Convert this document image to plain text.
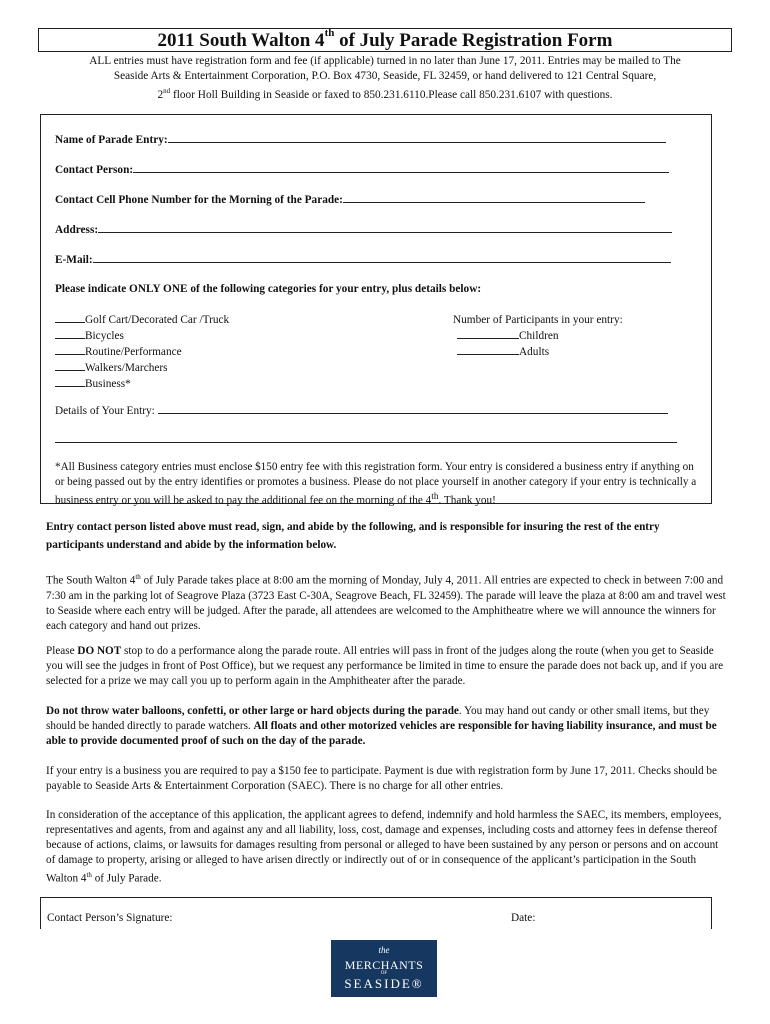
2011 South Walton 4th of July Parade Registration Form
ALL entries must have registration form and fee (if applicable) turned in no later than June 17, 2011. Entries may be mailed to The
Seaside Arts & Entertainment Corporation, P.O. Box 4730, Seaside, FL 32459, or hand delivered to 121 Central Square,
2nd floor Holl Building in Seaside or faxed to 850.231.6110.Please call 850.231.6107 with questions.
Name of Parade Entry:
Contact Person:
Contact Cell Phone Number for the Morning of the Parade:
Address:
E-Mail:
Please indicate ONLY ONE of the following categories for your entry, plus details below:
Golf Cart/Decorated Car /Truck
Bicycles
Routine/Performance
Walkers/Marchers
Business*
Number of Participants in your entry:
Children
Adults
Details of Your Entry:
*All Business category entries must enclose $150 entry fee with this registration form. Your entry is considered a business entry if anything on or being passed out by the entry identifies or promotes a business. Please do not place yourself in another category if your entry is technically a business entry or you will be asked to pay the additional fee on the morning of the 4th. Thank you!
Entry contact person listed above must read, sign, and abide by the following, and is responsible for insuring the rest of the entry participants understand and abide by the information below.
The South Walton 4th of July Parade takes place at 8:00 am the morning of Monday, July 4, 2011. All entries are expected to check in between 7:00 and 7:30 am in the parking lot of Seagrove Plaza (3723 East C-30A, Seagrove Beach, FL 32459). The parade will leave the plaza at 8:00 am and travel west to Seaside where each entry will be judged. After the parade, all attendees are welcomed to the Amphitheatre where we will announce the winners for each category and hand out prizes.
Please DO NOT stop to do a performance along the parade route. All entries will pass in front of the judges along the route (when you get to Seaside you will see the judges in front of Post Office), but we request any performance be limited in time to ensure the parade does not back up, and if you are selected for a prize we may call you up to perform again in the Amphitheater after the parade.
Do not throw water balloons, confetti, or other large or hard objects during the parade. You may hand out candy or other small items, but they should be handed directly to parade watchers. All floats and other motorized vehicles are responsible for having liability insurance, and must be able to provide documented proof of such on the day of the parade.
If your entry is a business you are required to pay a $150 fee to participate. Payment is due with registration form by June 17, 2011. Checks should be payable to Seaside Arts & Entertainment Corporation (SAEC). There is no charge for all other entries.
In consideration of the acceptance of this application, the applicant agrees to defend, indemnify and hold harmless the SAEC, its members, employees, representatives and agents, from and against any and all liability, loss, cost, damage and expenses, including costs and attorney fees in defense thereof because of actions, claims, or lawsuits for damages resulting from personal or alleged to have been sustained by any person or persons and on account of damage to property, arising or alleged to have arisen directly or indirectly out of or in consequence of the applicant’s participation in the South Walton 4th of July Parade.
Contact Person’s Signature:	Date:
the
MERCHANTS
OF
SEASIDE®
